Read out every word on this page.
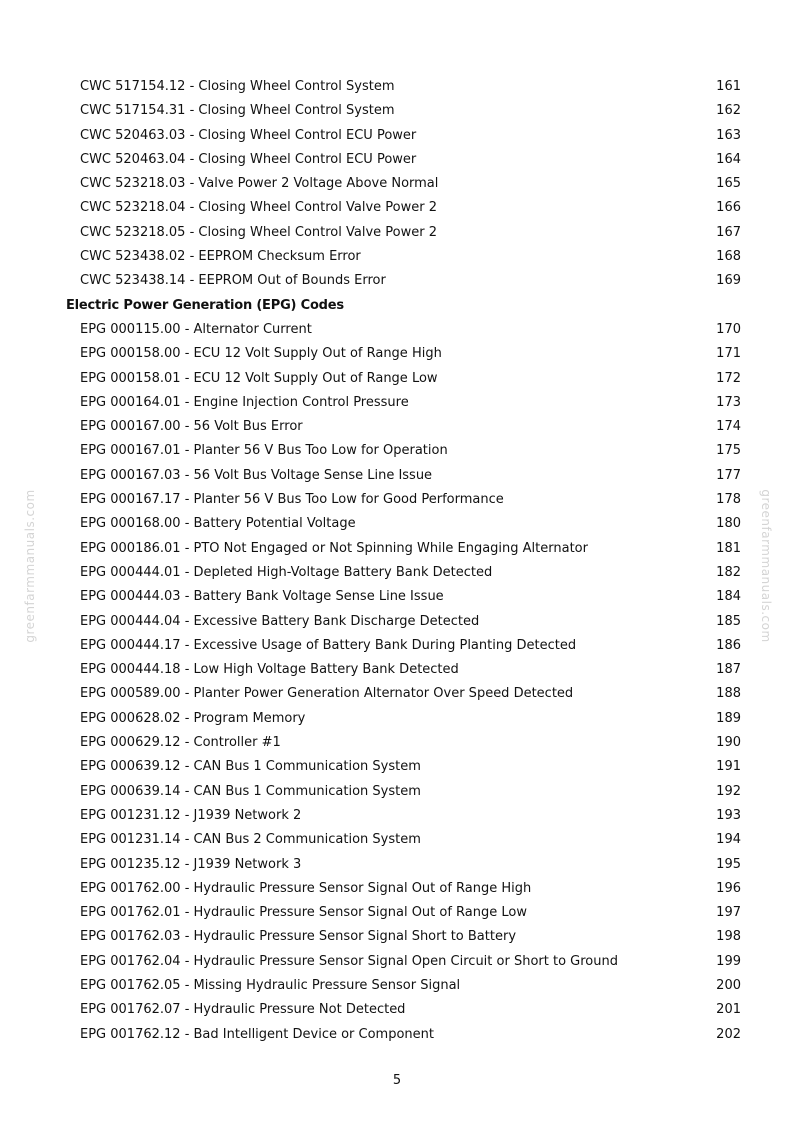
greenfarmmanuals.com	greenfarmmanuals.com
CWC 517154.12 - Closing Wheel Control System	161
CWC 517154.31 - Closing Wheel Control System	162
CWC 520463.03 - Closing Wheel Control ECU Power	163
CWC 520463.04 - Closing Wheel Control ECU Power	164
CWC 523218.03 - Valve Power 2 Voltage Above Normal	165
CWC 523218.04 - Closing Wheel Control Valve Power 2	166
CWC 523218.05 - Closing Wheel Control Valve Power 2	167
CWC 523438.02 - EEPROM Checksum Error	168
CWC 523438.14 - EEPROM Out of Bounds Error	169
Electric Power Generation (EPG) Codes
EPG 000115.00 - Alternator Current	170
EPG 000158.00 - ECU 12 Volt Supply Out of Range High	171
EPG 000158.01 - ECU 12 Volt Supply Out of Range Low	172
EPG 000164.01 - Engine Injection Control Pressure	173
EPG 000167.00 - 56 Volt Bus Error	174
EPG 000167.01 - Planter 56 V Bus Too Low for Operation	175
EPG 000167.03 - 56 Volt Bus Voltage Sense Line Issue	177
EPG 000167.17 - Planter 56 V Bus Too Low for Good Performance	178
EPG 000168.00 - Battery Potential Voltage	180
EPG 000186.01 - PTO Not Engaged or Not Spinning While Engaging Alternator	181
EPG 000444.01 - Depleted High-Voltage Battery Bank Detected	182
EPG 000444.03 - Battery Bank Voltage Sense Line Issue	184
EPG 000444.04 - Excessive Battery Bank Discharge Detected	185
EPG 000444.17 - Excessive Usage of Battery Bank During Planting Detected	186
EPG 000444.18 - Low High Voltage Battery Bank Detected	187
EPG 000589.00 - Planter Power Generation Alternator Over Speed Detected	188
EPG 000628.02 - Program Memory	189
EPG 000629.12 - Controller #1	190
EPG 000639.12 - CAN Bus 1 Communication System	191
EPG 000639.14 - CAN Bus 1 Communication System	192
EPG 001231.12 - J1939 Network 2	193
EPG 001231.14 - CAN Bus 2 Communication System	194
EPG 001235.12 - J1939 Network 3	195
EPG 001762.00 - Hydraulic Pressure Sensor Signal Out of Range High	196
EPG 001762.01 - Hydraulic Pressure Sensor Signal Out of Range Low	197
EPG 001762.03 - Hydraulic Pressure Sensor Signal Short to Battery	198
EPG 001762.04 - Hydraulic Pressure Sensor Signal Open Circuit or Short to Ground	199
EPG 001762.05 - Missing Hydraulic Pressure Sensor Signal	200
EPG 001762.07 - Hydraulic Pressure Not Detected	201
EPG 001762.12 - Bad Intelligent Device or Component	202
5
